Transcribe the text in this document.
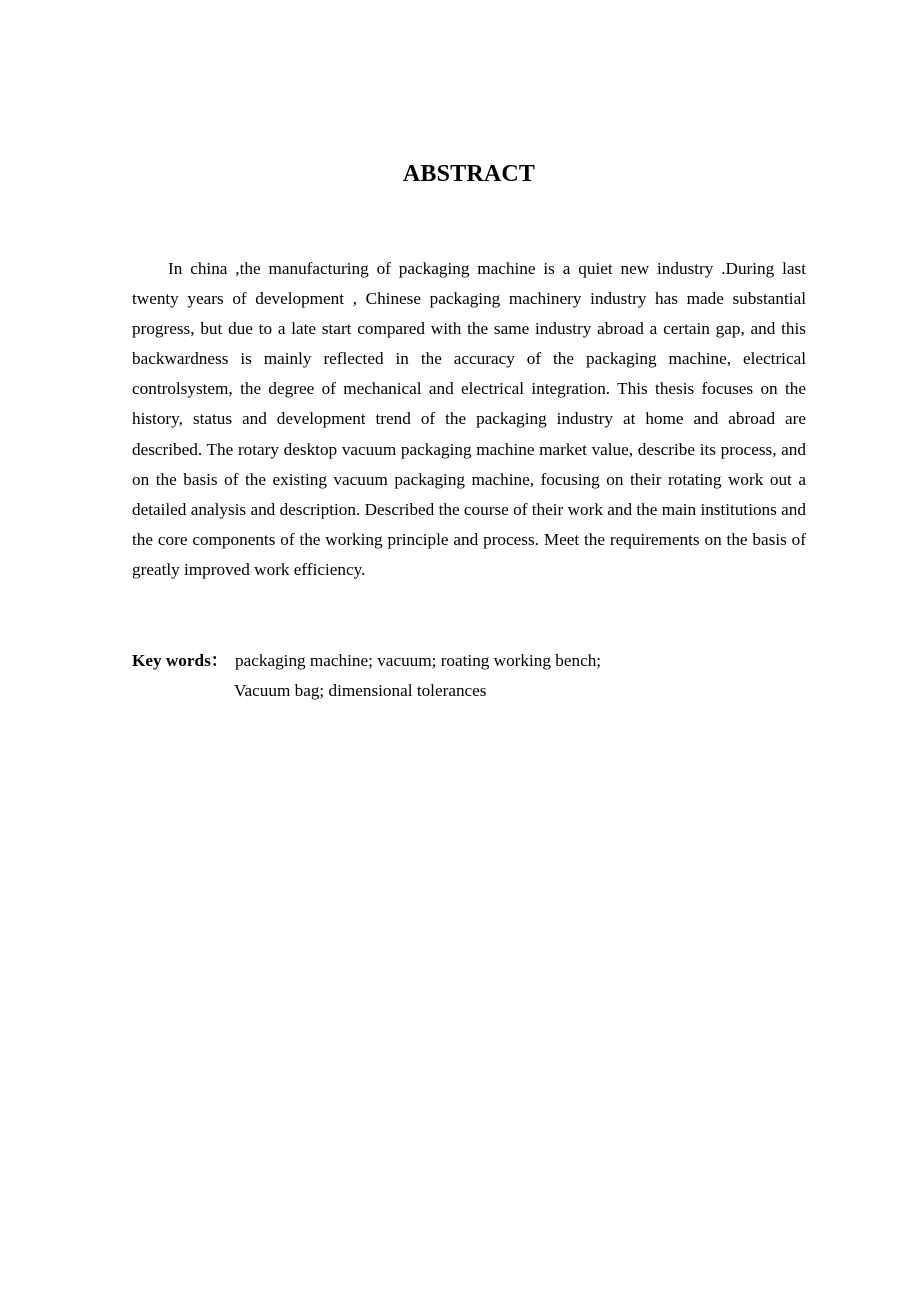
ABSTRACT

In china ,the manufacturing of packaging machine is a quiet new industry .During last twenty years of development , Chinese packaging machinery industry has made substantial progress, but due to a late start compared with the same industry abroad a certain gap, and this backwardness is mainly reflected in the accuracy of the packaging machine, electrical controlsystem, the degree of mechanical and electrical integration. This thesis focuses on the history, status and development trend of the packaging industry at home and abroad are described. The rotary desktop vacuum packaging machine market value, describe its process, and on the basis of the existing vacuum packaging machine, focusing on their rotating work out a detailed analysis and description. Described the course of their work and the main institutions and the core components of the working principle and process. Meet the requirements on the basis of greatly improved work efficiency.

Key words： packaging machine; vacuum; roating working bench;
Vacuum bag; dimensional tolerances
